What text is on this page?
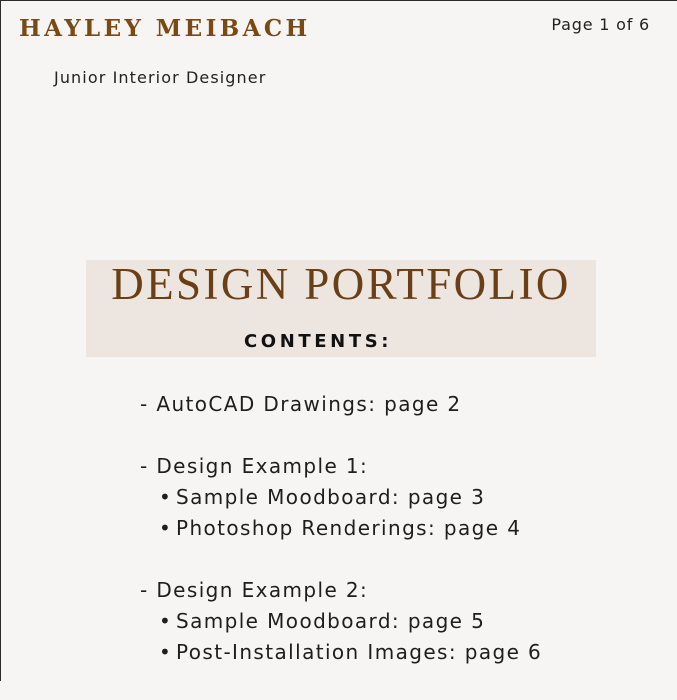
HAYLEY MEIBACH	Page 1 of 6
Junior Interior Designer
DESIGN PORTFOLIO
CONTENTS:
- AutoCAD Drawings: page 2
- Design Example 1:
• Sample Moodboard: page 3
• Photoshop Renderings: page 4
- Design Example 2:
• Sample Moodboard: page 5
• Post-Installation Images: page 6
